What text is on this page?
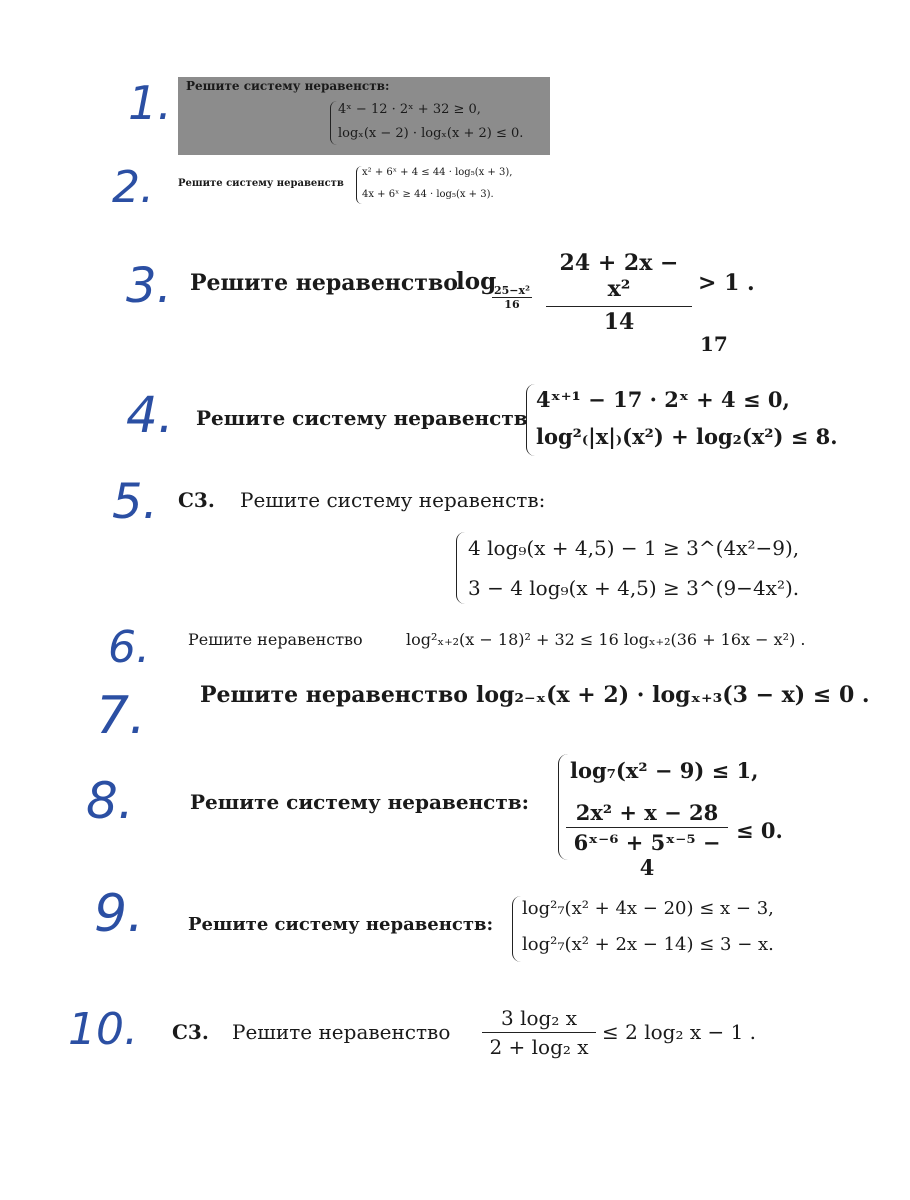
1.
2.
3.
4.
5.
6.
7.
8.
9.
10.
Решите систему неравенств:
4ˣ − 12 · 2ˣ + 32 ≥ 0,
logₓ(x − 2) · logₓ(x + 2) ≤ 0.
Решите систему неравенств
x² + 6ˣ + 4 ≤ 44 · log₅(x + 3),
4x + 6ˣ ≥ 44 · log₅(x + 3).
Решите неравенство
log
$\frac{\text{25−x²}}{16} \frac{\text{24 + 2x − x²}}{14} > 1$ .
17
Решите систему неравенств
4ˣ⁺¹ − 17 · 2ˣ + 4 ≤ 0,
log²₍|x|₎(x²) + log₂(x²) ≤ 8.
С3. Решите систему неравенств:
4 log₉(x + 4,5) − 1 ≥ 3^(4x²−9),
3 − 4 log₉(x + 4,5) ≥ 3^(9−4x²).
Решите неравенство	log²ₓ₊₂(x − 18)² + 32 ≤ 16 logₓ₊₂(36 + 16x − x²) .
Решите неравенство log₂₋ₓ(x + 2) · logₓ₊₃(3 − x) ≤ 0 .
Решите систему неравенств:
log₇(x² − 9) ≤ 1,
$\frac{\text{2x² + x − 28}}{\text{6ˣ⁻⁶ + 5ˣ⁻⁵ − 4}} \le 0$.
Решите систему неравенств:
log²₇(x² + 4x − 20) ≤ x − 3,
log²₇(x² + 2x − 14) ≤ 3 − x.
С3. Решите неравенство $\frac{\text{3 log₂ x}}{\text{2 + log₂ x}} \le 2$ log₂ x − 1 .
